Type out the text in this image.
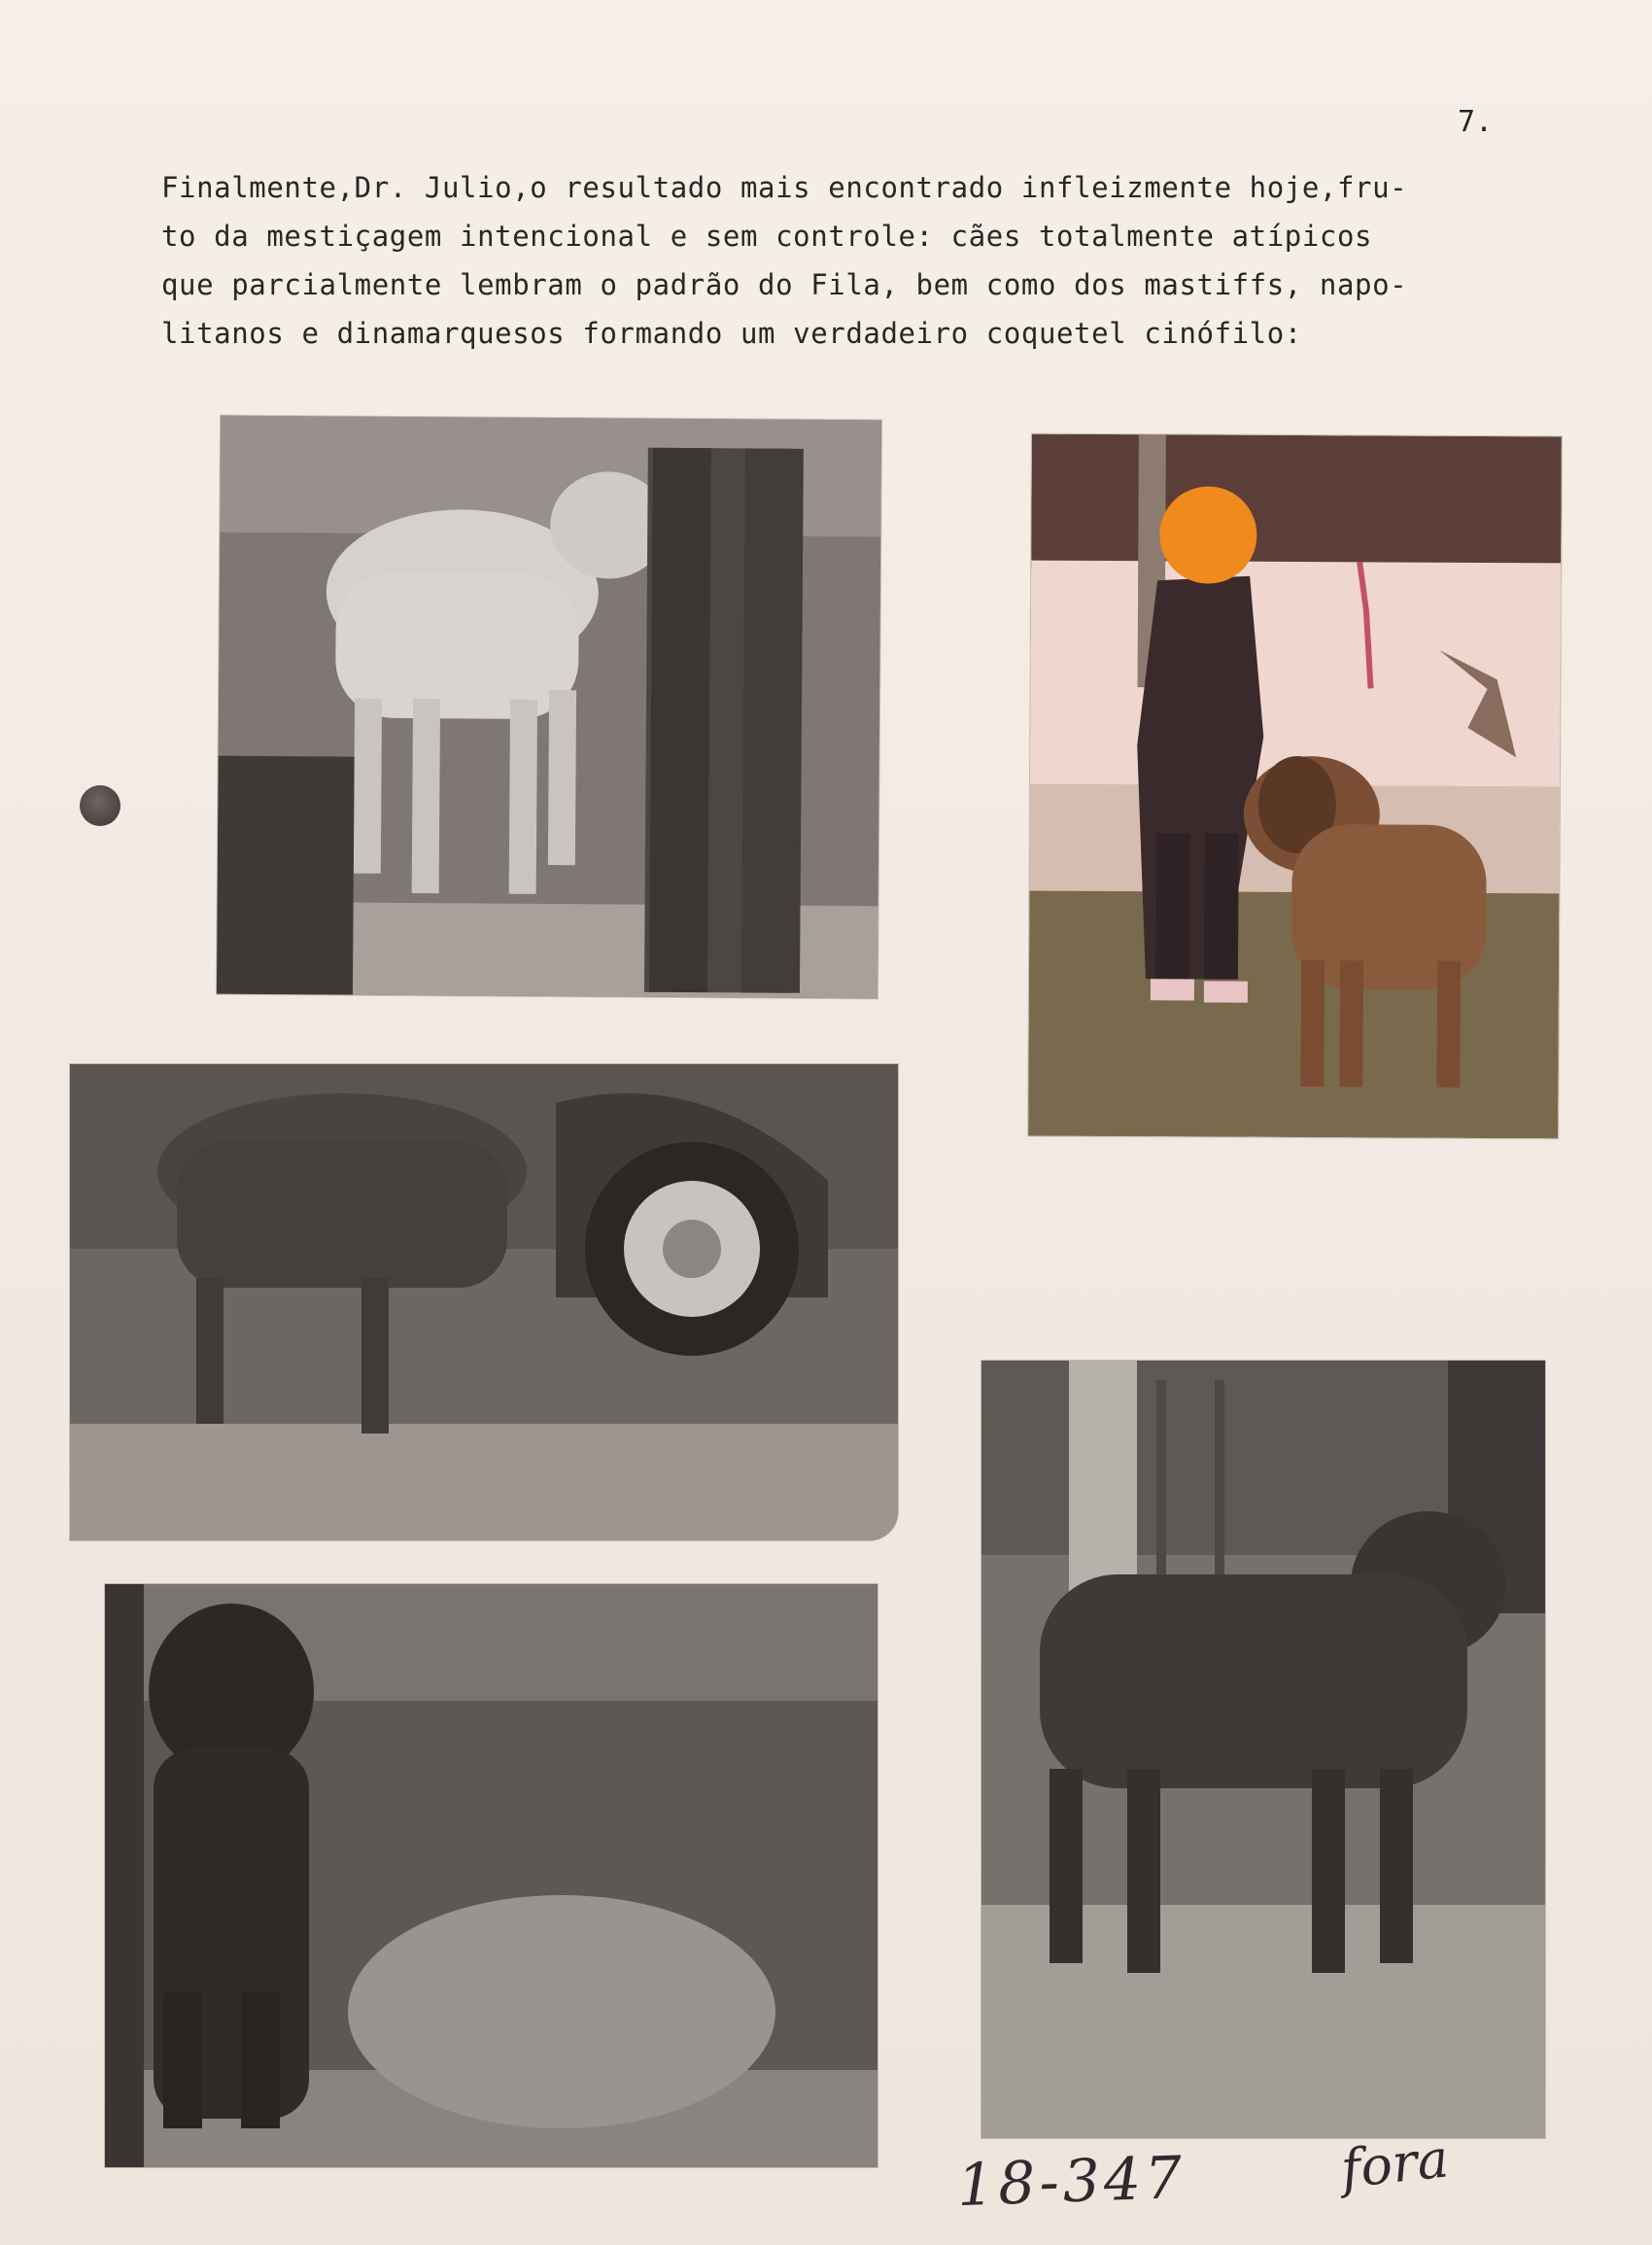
7.
Finalmente,Dr. Julio,o resultado mais encontrado infleizmente hoje,fru-
to da mestiçagem intencional e sem controle: cães totalmente atípicos
que parcialmente lembram o padrão do Fila, bem como dos mastiffs, napo-
litanos e dinamarquesos formando um verdadeiro coquetel cinófilo:
18-347	fora
